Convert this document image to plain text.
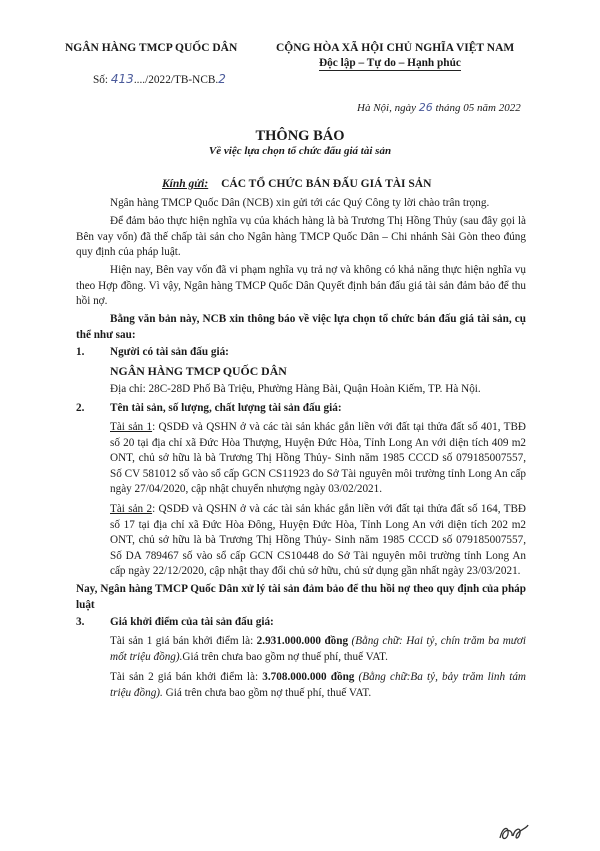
NGÂN HÀNG TMCP QUỐC DÂN
Số: 413..../2022/TB-NCB.2
CỘNG HÒA XÃ HỘI CHỦ NGHĨA VIỆT NAM
Độc lập – Tự do – Hạnh phúc
Hà Nội, ngày 26 tháng 05 năm 2022
THÔNG BÁO
Về việc lựa chọn tổ chức đấu giá tài sản
Kính gửi: CÁC TỔ CHỨC BÁN ĐẤU GIÁ TÀI SẢN

Ngân hàng TMCP Quốc Dân (NCB) xin gửi tới các Quý Công ty lời chào trân trọng.

Để đảm bảo thực hiện nghĩa vụ của khách hàng là bà Trương Thị Hồng Thủy (sau đây gọi là Bên vay vốn) đã thế chấp tài sản cho Ngân hàng TMCP Quốc Dân – Chi nhánh Sài Gòn theo đúng quy định của pháp luật.

Hiện nay, Bên vay vốn đã vi phạm nghĩa vụ trả nợ và không có khả năng thực hiện nghĩa vụ theo Hợp đồng. Vì vậy, Ngân hàng TMCP Quốc Dân Quyết định bán đấu giá tài sản đảm bảo để thu hồi nợ.

Bằng văn bản này, NCB xin thông báo về việc lựa chọn tổ chức bán đấu giá tài sản, cụ thể như sau:

1. Người có tài sản đấu giá:
NGÂN HÀNG TMCP QUỐC DÂN
Địa chỉ: 28C-28D Phố Bà Triệu, Phường Hàng Bài, Quận Hoàn Kiếm, TP. Hà Nội.
2. Tên tài sản, số lượng, chất lượng tài sản đấu giá:

Tài sản 1: QSDĐ và QSHN ở và các tài sản khác gắn liền với đất tại thửa đất số 401, TBĐ số 20 tại địa chỉ xã Đức Hòa Thượng, Huyện Đức Hòa, Tỉnh Long An với diện tích 409 m2 ONT, chủ sở hữu là bà Trương Thị Hồng Thủy- Sinh năm 1985 CCCD số 079185007557, Số CV 581012 số vào sổ cấp GCN CS11923 do Sở Tài nguyên môi trường tỉnh Long An cấp ngày 27/04/2020, cập nhật chuyển nhượng ngày 03/02/2021.

Tài sản 2: QSDĐ và QSHN ở và các tài sản khác gắn liền với đất tại thửa đất số 164, TBĐ số 17 tại địa chỉ xã Đức Hòa Đông, Huyện Đức Hòa, Tỉnh Long An với diện tích 202 m2 ONT, chủ sở hữu là bà Trương Thị Hồng Thủy- Sinh năm 1985 CCCD số 079185007557, Số DA 789467 số vào sổ cấp GCN CS10448 do Sở Tài nguyên môi trường tỉnh Long An cấp ngày 22/12/2020, cập nhật thay đổi chủ sở hữu, chủ sử dụng gần nhất ngày 23/03/2021.

Nay, Ngân hàng TMCP Quốc Dân xử lý tài sản đảm bảo để thu hồi nợ theo quy định của pháp luật

3. Giá khởi điểm của tài sản đấu giá:

Tài sản 1 giá bán khởi điểm là: 2.931.000.000 đồng (Bằng chữ: Hai tỷ, chín trăm ba mươi mốt triệu đồng).Giá trên chưa bao gồm nợ thuế phí, thuế VAT.

Tài sản 2 giá bán khởi điểm là: 3.708.000.000 đồng (Bằng chữ:Ba tỷ, bảy trăm linh tám triệu đồng). Giá trên chưa bao gồm nợ thuế phí, thuế VAT.
